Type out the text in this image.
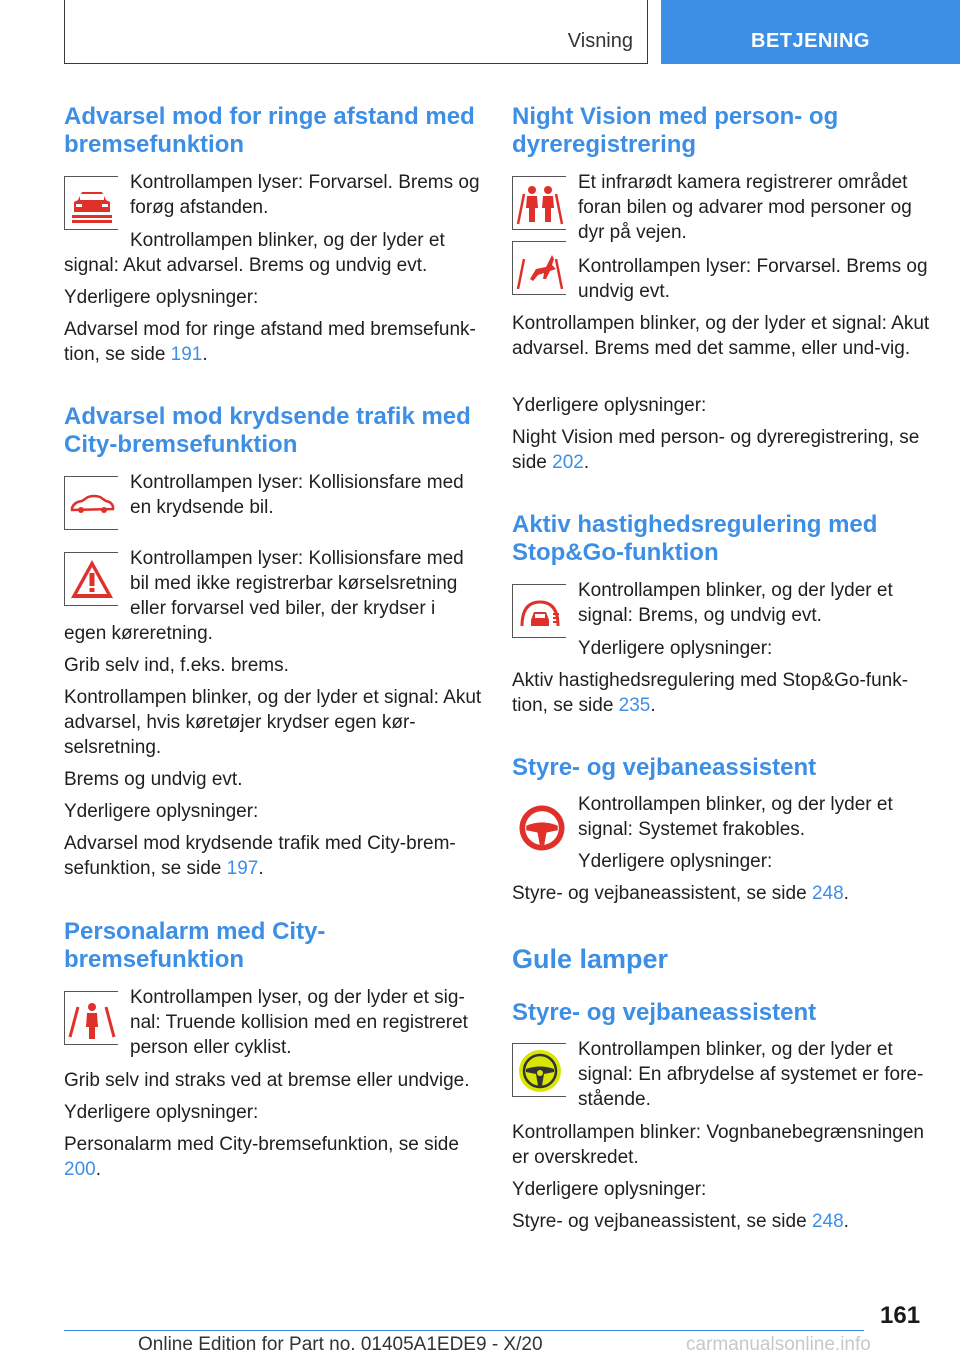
Visning	BETJENING
Advarsel mod for ringe afstand med bremsefunktion

Kontrollampen lyser: Forvarsel. Brems og forøg afstanden.

Kontrollampen blinker, og der lyder et

signal: Akut advarsel. Brems og undvig evt.

Yderligere oplysninger:

Advarsel mod for ringe afstand med bremsefunk‐tion, se side 191.

Advarsel mod krydsende trafik med City-bremsefunktion

Kontrollampen lyser: Kollisionsfare med en krydsende bil.

Kontrollampen lyser: Kollisionsfare med bil med ikke registrerbar kørselsretning eller forvarsel ved biler, der krydser i

egen køreretning.

Grib selv ind, f.eks. brems.

Kontrollampen blinker, og der lyder et signal: Akut advarsel, hvis køretøjer krydser egen kør‐selsretning.

Brems og undvig evt.

Yderligere oplysninger:

Advarsel mod krydsende trafik med City-brem‐sefunktion, se side 197.

Personalarm med City-bremsefunktion

Kontrollampen lyser, og der lyder et sig‐nal: Truende kollision med en registreret person eller cyklist.

Grib selv ind straks ved at bremse eller undvige.

Yderligere oplysninger:

Personalarm med City-bremsefunktion, se side 200.

Night Vision med person- og dyreregistrering

Et infrarødt kamera registrerer området foran bilen og advarer mod personer og dyr på vejen.

Kontrollampen lyser: Forvarsel. Brems og undvig evt.

Kontrollampen blinker, og der lyder et signal: Akut advarsel. Brems med det samme, eller und‐vig.

Yderligere oplysninger:

Night Vision med person- og dyreregistrering, se side 202.

Aktiv hastighedsregulering med Stop&Go-funktion

Kontrollampen blinker, og der lyder et signal: Brems, og undvig evt.

Yderligere oplysninger:

Aktiv hastighedsregulering med Stop&Go-funk‐tion, se side 235.

Styre- og vejbaneassistent

Kontrollampen blinker, og der lyder et signal: Systemet frakobles.

Yderligere oplysninger:

Styre- og vejbaneassistent, se side 248.

Gule lamper
Styre- og vejbaneassistent

Kontrollampen blinker, og der lyder et signal: En afbrydelse af systemet er fore‐stående.

Kontrollampen blinker: Vognbanebegrænsningen er overskredet.

Yderligere oplysninger:

Styre- og vejbaneassistent, se side 248.

161
Online Edition for Part no. 01405A1EDE9 - X/20	carmanualsonline.info
